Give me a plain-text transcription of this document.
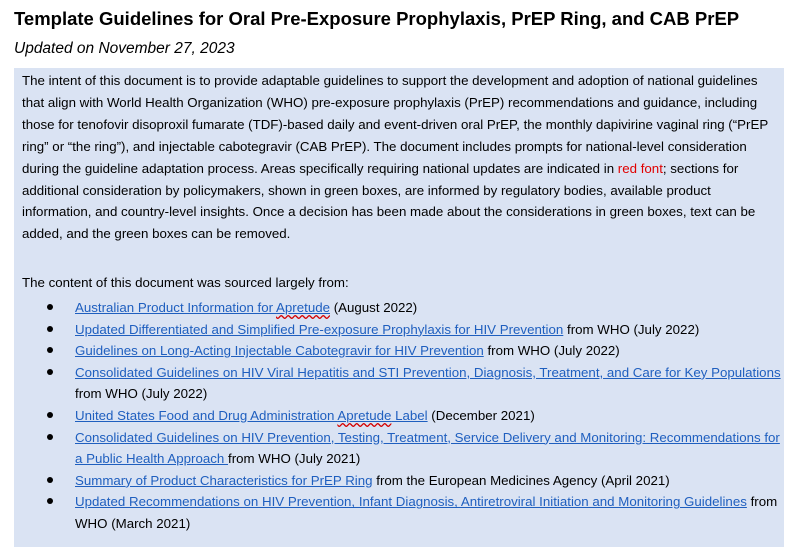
Template Guidelines for Oral Pre-Exposure Prophylaxis, PrEP Ring, and CAB PrEP
Updated on November 27, 2023
The intent of this document is to provide adaptable guidelines to support the development and adoption of national guidelines that align with World Health Organization (WHO) pre-exposure prophylaxis (PrEP) recommendations and guidance, including those for tenofovir disoproxil fumarate (TDF)-based daily and event-driven oral PrEP, the monthly dapivirine vaginal ring (“PrEP ring” or “the ring”), and injectable cabotegravir (CAB PrEP). The document includes prompts for national-level consideration during the guideline adaptation process. Areas specifically requiring national updates are indicated in red font; sections for additional consideration by policymakers, shown in green boxes, are informed by regulatory bodies, available product information, and country-level insights. Once a decision has been made about the considerations in green boxes, text can be added, and the green boxes can be removed.
The content of this document was sourced largely from:
Australian Product Information for Apretude (August 2022)
Updated Differentiated and Simplified Pre-exposure Prophylaxis for HIV Prevention from WHO (July 2022)
Guidelines on Long-Acting Injectable Cabotegravir for HIV Prevention from WHO (July 2022)
Consolidated Guidelines on HIV Viral Hepatitis and STI Prevention, Diagnosis, Treatment, and Care for Key Populations from WHO (July 2022)
United States Food and Drug Administration Apretude Label (December 2021)
Consolidated Guidelines on HIV Prevention, Testing, Treatment, Service Delivery and Monitoring: Recommendations for a Public Health Approach from WHO (July 2021)
Summary of Product Characteristics for PrEP Ring from the European Medicines Agency (April 2021)
Updated Recommendations on HIV Prevention, Infant Diagnosis, Antiretroviral Initiation and Monitoring Guidelines from WHO (March 2021)
